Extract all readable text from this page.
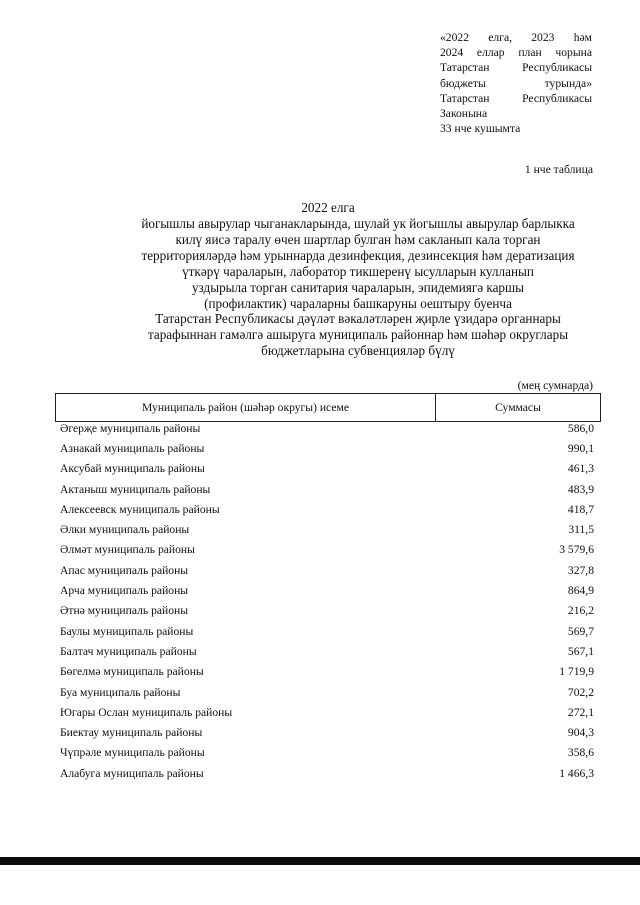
«2022 елга, 2023 һәм
2024 еллар план чорына
Татарстан Республикасы
бюджеты турында»
Татарстан Республикасы
Законына
33 нче кушымта
1 нче таблица
2022 елга
йогышлы авырулар чыганакларында, шулай ук йогышлы авырулар барлыкка
килү яисә таралу өчен шартлар булган һәм сакланып кала торган
территорияләрдә һәм урыннарда дезинфекция, дезинсекция һәм дератизация
үткәрү чараларын, лаборатор тикшеренү ысулларын кулланып
уздырыла торган санитария чараларын, эпидемиягә каршы
(профилактик) чараларны башкаруны оештыру буенча
Татарстан Республикасы дәүләт вәкаләтләрен җирле үзидарә органнары
тарафыннан гамәлгә ашыруга муниципаль районнар һәм шәһәр округлары
бюджетларына субвенцияләр бүлү
(мең сумнарда)
Муниципаль район (шәһәр округы) исеме	Суммасы
Әгерҗе муниципаль районы	586,0
Азнакай муниципаль районы	990,1
Аксубай муниципаль районы	461,3
Актаныш муниципаль районы	483,9
Алексеевск муниципаль районы	418,7
Әлки муниципаль районы	311,5
Әлмәт муниципаль районы	3 579,6
Апас муниципаль районы	327,8
Арча муниципаль районы	864,9
Әтнә муниципаль районы	216,2
Баулы муниципаль районы	569,7
Балтач муниципаль районы	567,1
Бөгелмә муниципаль районы	1 719,9
Буа муниципаль районы	702,2
Югары Ослан муниципаль районы	272,1
Биектау муниципаль районы	904,3
Чүпрәле муниципаль районы	358,6
Алабуга муниципаль районы	1 466,3
